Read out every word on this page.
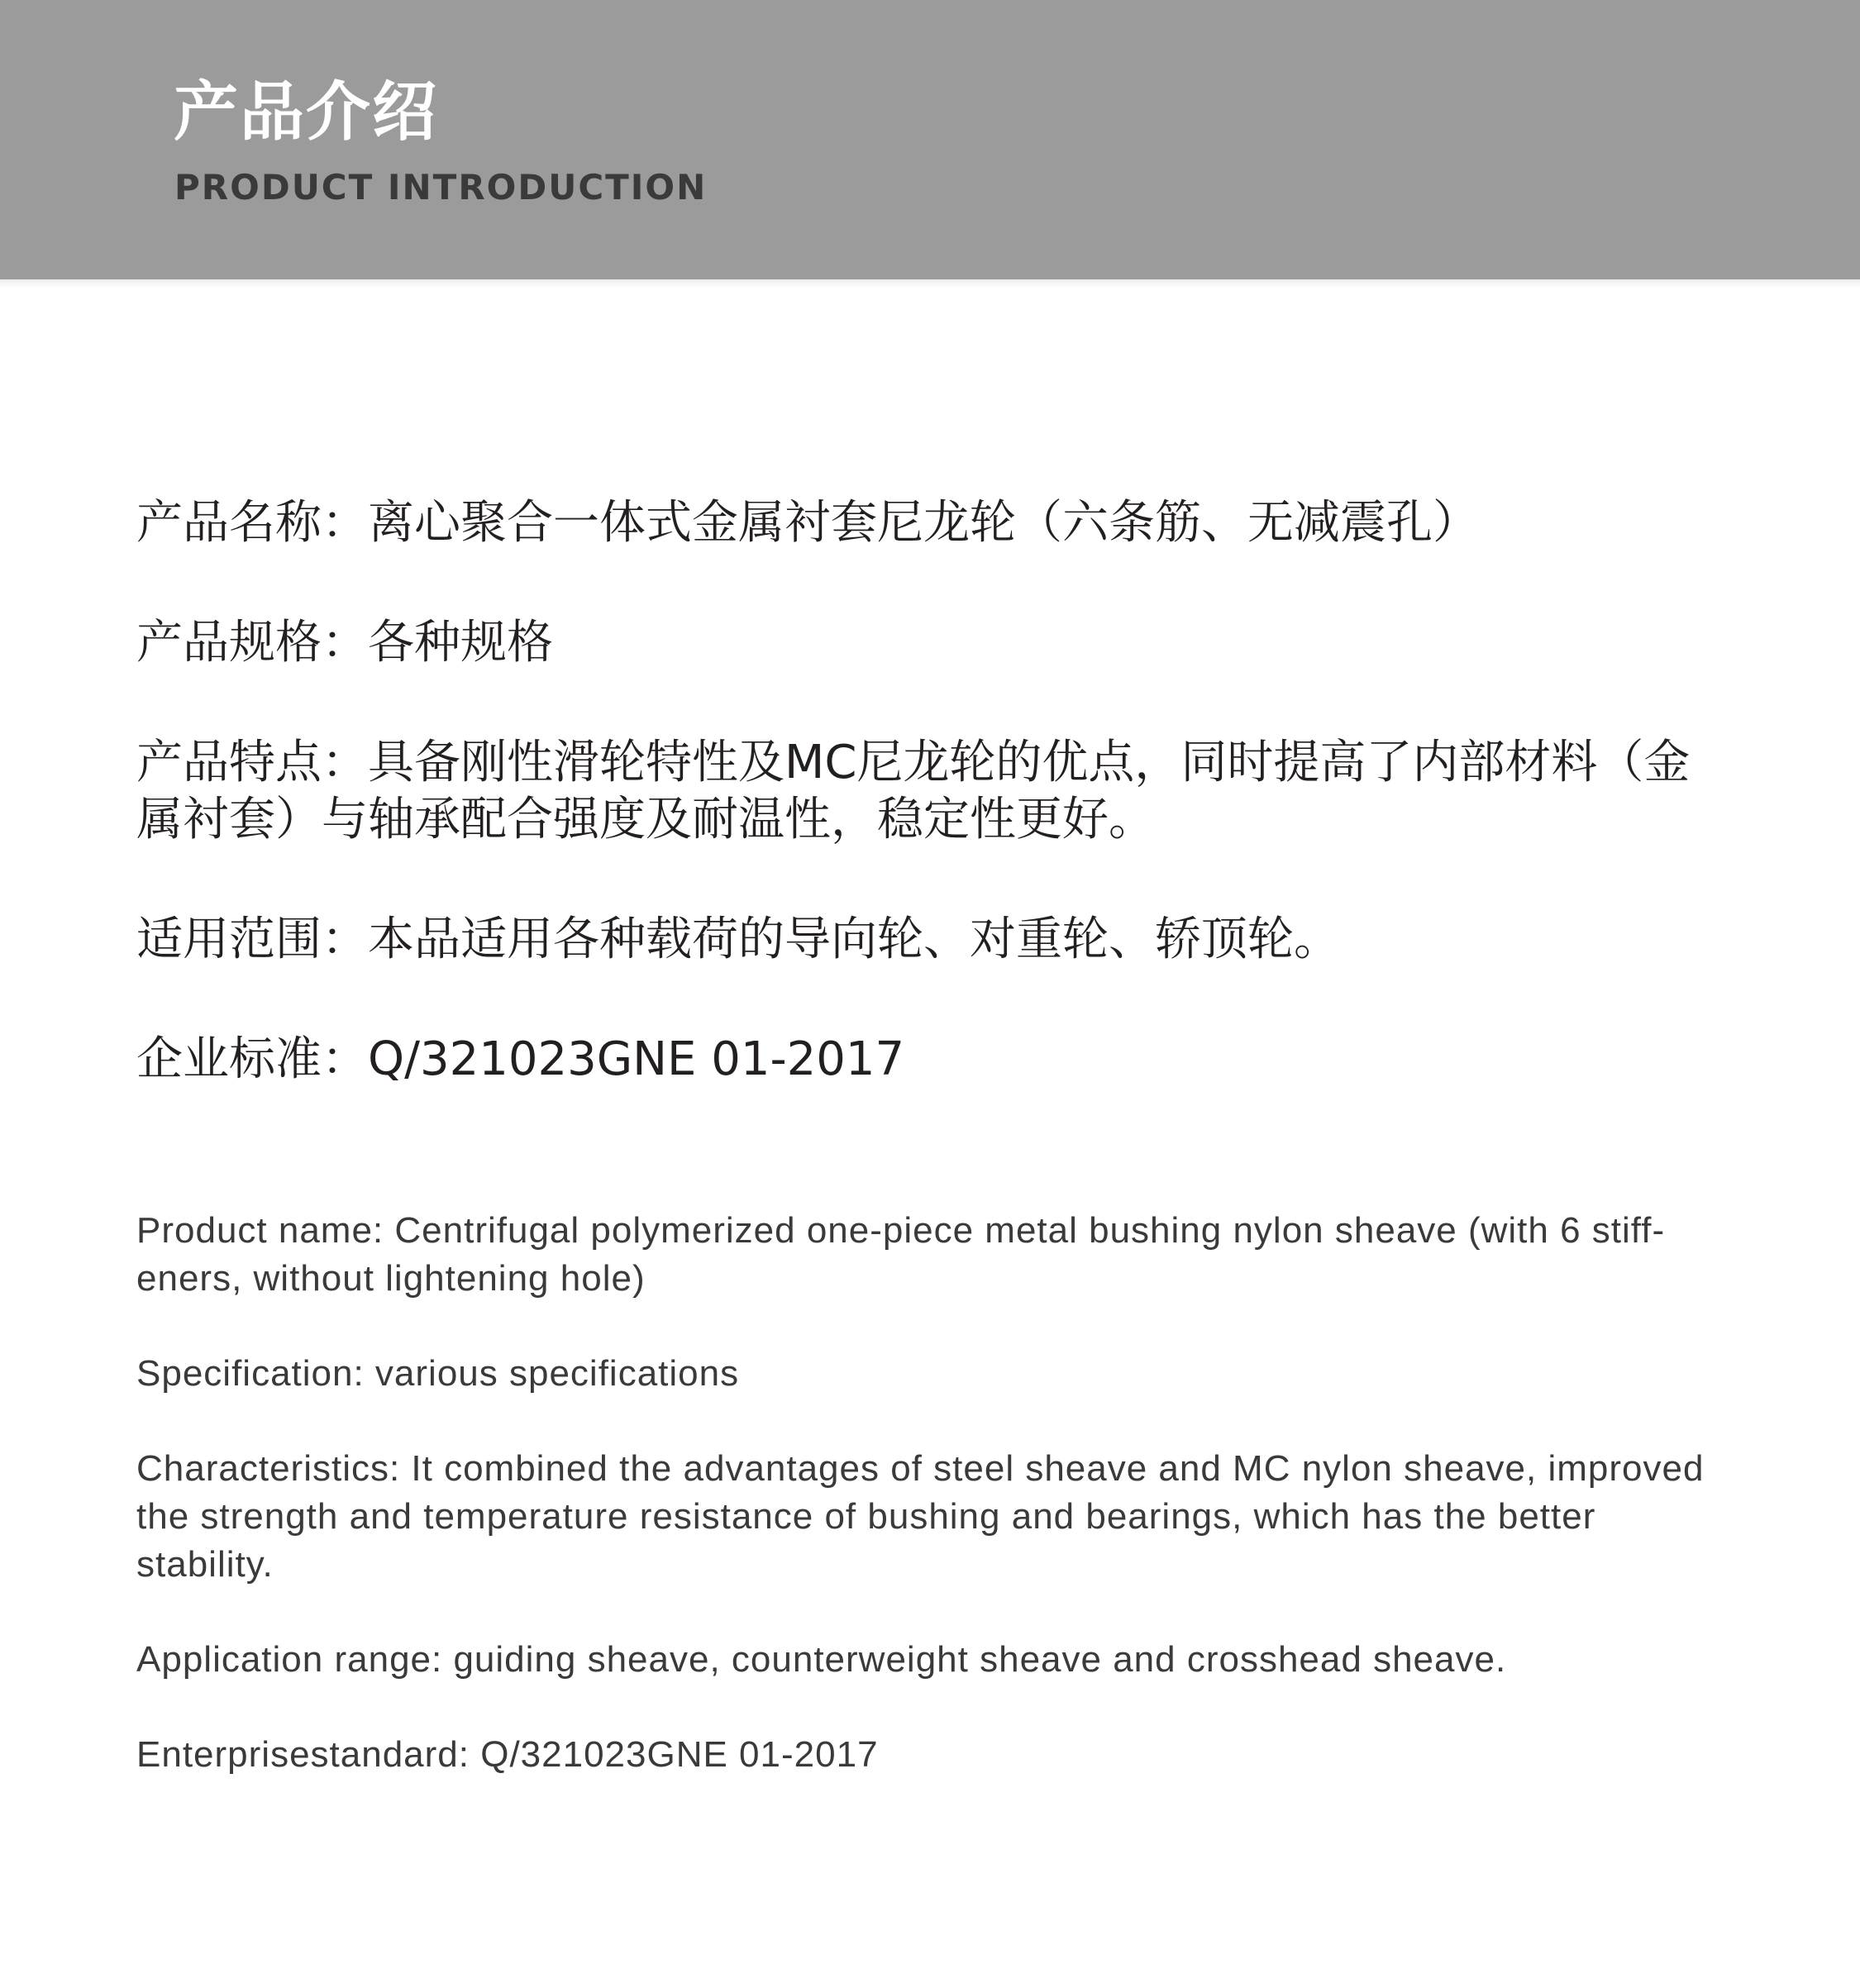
产品介绍
PRODUCT INTRODUCTION

产品名称：离心聚合一体式金属衬套尼龙轮（六条筋、无减震孔）

产品规格：各种规格

产品特点：具备刚性滑轮特性及MC尼龙轮的优点，同时提高了内部材料（金属衬套）与轴承配合强度及耐温性，稳定性更好。

适用范围：本品适用各种载荷的导向轮、对重轮、轿顶轮。

企业标准：Q/321023GNE 01-2017

Product name: Centrifugal polymerized one-piece metal bushing nylon sheave (with 6 stiff-eners, without lightening hole)

Specification: various specifications

Characteristics: It combined the advantages of steel sheave and MC nylon sheave, improved the strength and temperature resistance of bushing and bearings, which has the better stability.

Application range: guiding sheave, counterweight sheave and crosshead sheave.

Enterprisestandard: Q/321023GNE 01-2017
